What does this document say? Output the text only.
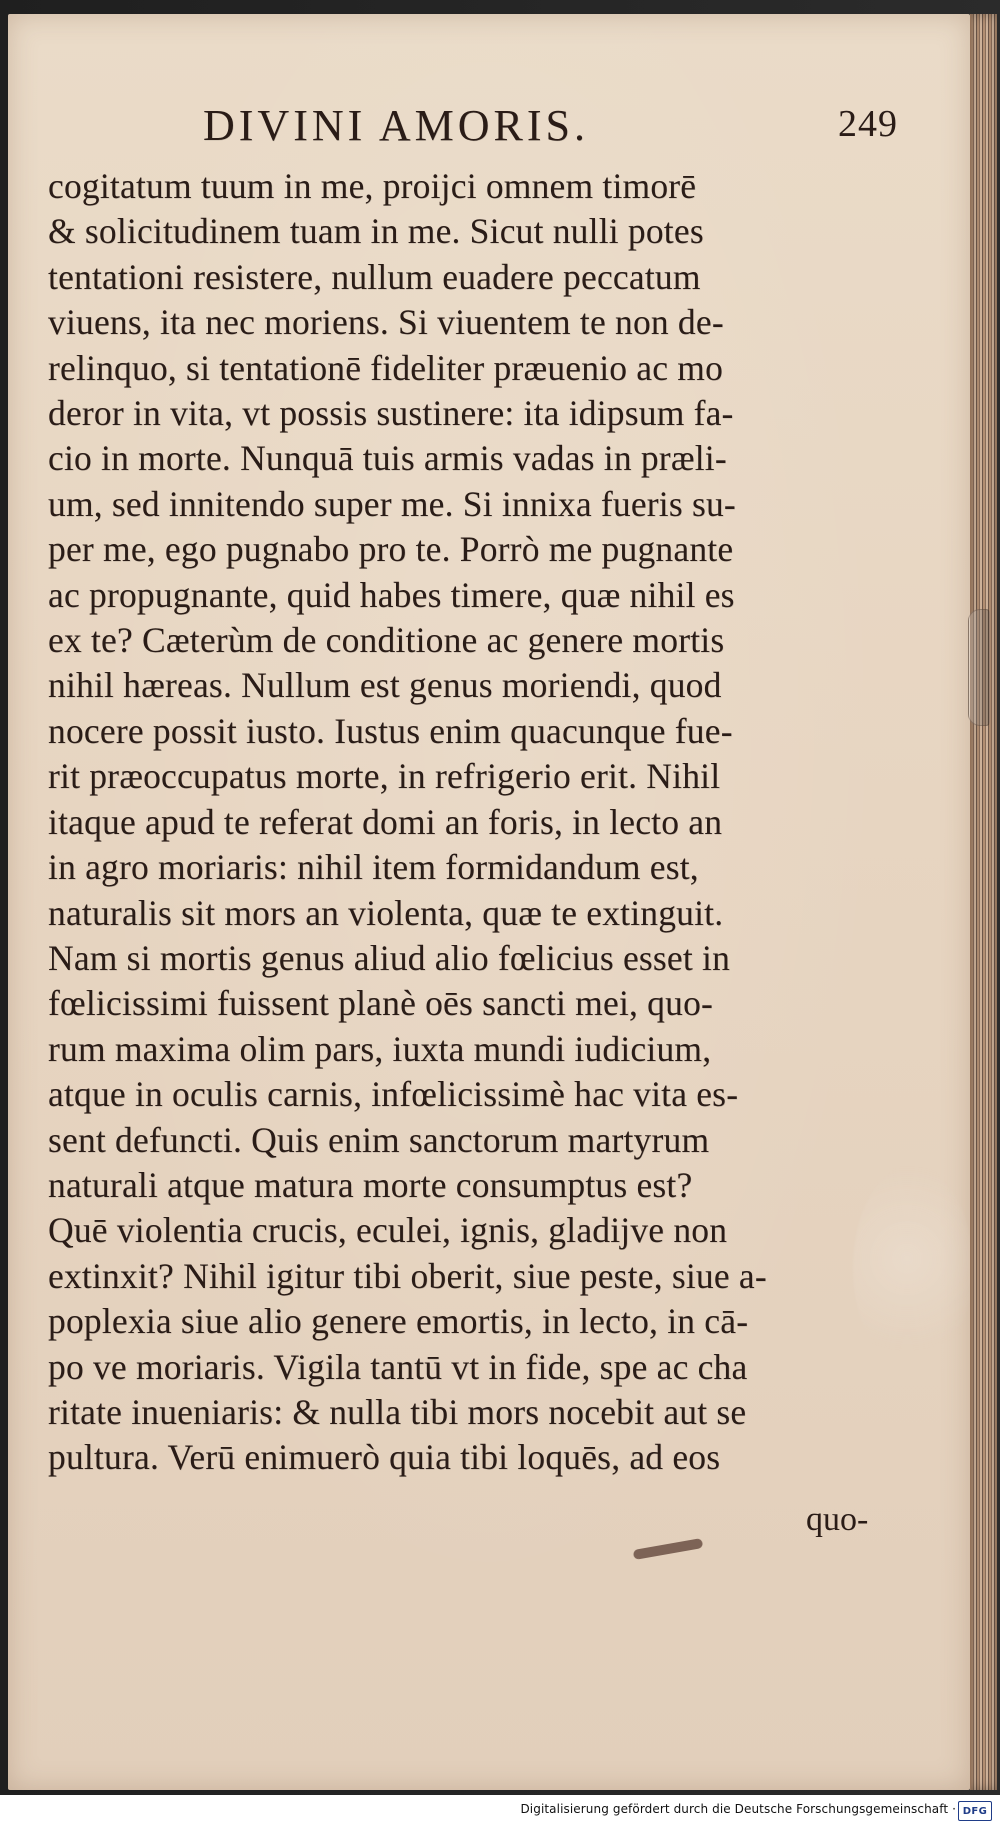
DIVINI AMORIS.	249
cogitatum tuum in me, proijci omnem timorē
& solicitudinem tuam in me. Sicut nulli potes
tentationi resistere, nullum euadere peccatum
viuens, ita nec moriens. Si viuentem te non de-
relinquo, si tentationē fideliter præuenio ac mo
deror in vita, vt possis sustinere: ita idipsum fa-
cio in morte. Nunquā tuis armis vadas in præli-
um, sed innitendo super me. Si innixa fueris su-
per me, ego pugnabo pro te. Porrò me pugnante
ac propugnante, quid habes timere, quæ nihil es
ex te? Cæterùm de conditione ac genere mortis
nihil hæreas. Nullum est genus moriendi, quod
nocere possit iusto. Iustus enim quacunque fue-
rit præoccupatus morte, in refrigerio erit. Nihil
itaque apud te referat domi an foris, in lecto an
in agro moriaris: nihil item formidandum est,
naturalis sit mors an violenta, quæ te extinguit.
Nam si mortis genus aliud alio fœlicius esset in
fœlicissimi fuissent planè oēs sancti mei, quo-
rum maxima olim pars, iuxta mundi iudicium,
atque in oculis carnis, infœlicissimè hac vita es-
sent defuncti. Quis enim sanctorum martyrum
naturali atque matura morte consumptus est?
Quē violentia crucis, eculei, ignis, gladijve non
extinxit? Nihil igitur tibi oberit, siue peste, siue a-
poplexia siue alio genere emortis, in lecto, in cā-
po ve moriaris. Vigila tantū vt in fide, spe ac cha
ritate inueniaris: & nulla tibi mors nocebit aut se
pultura. Verū enimuerò quia tibi loquēs, ad eos
quo-
Digitalisierung gefördert durch die Deutsche Forschungsgemeinschaft · DFG
